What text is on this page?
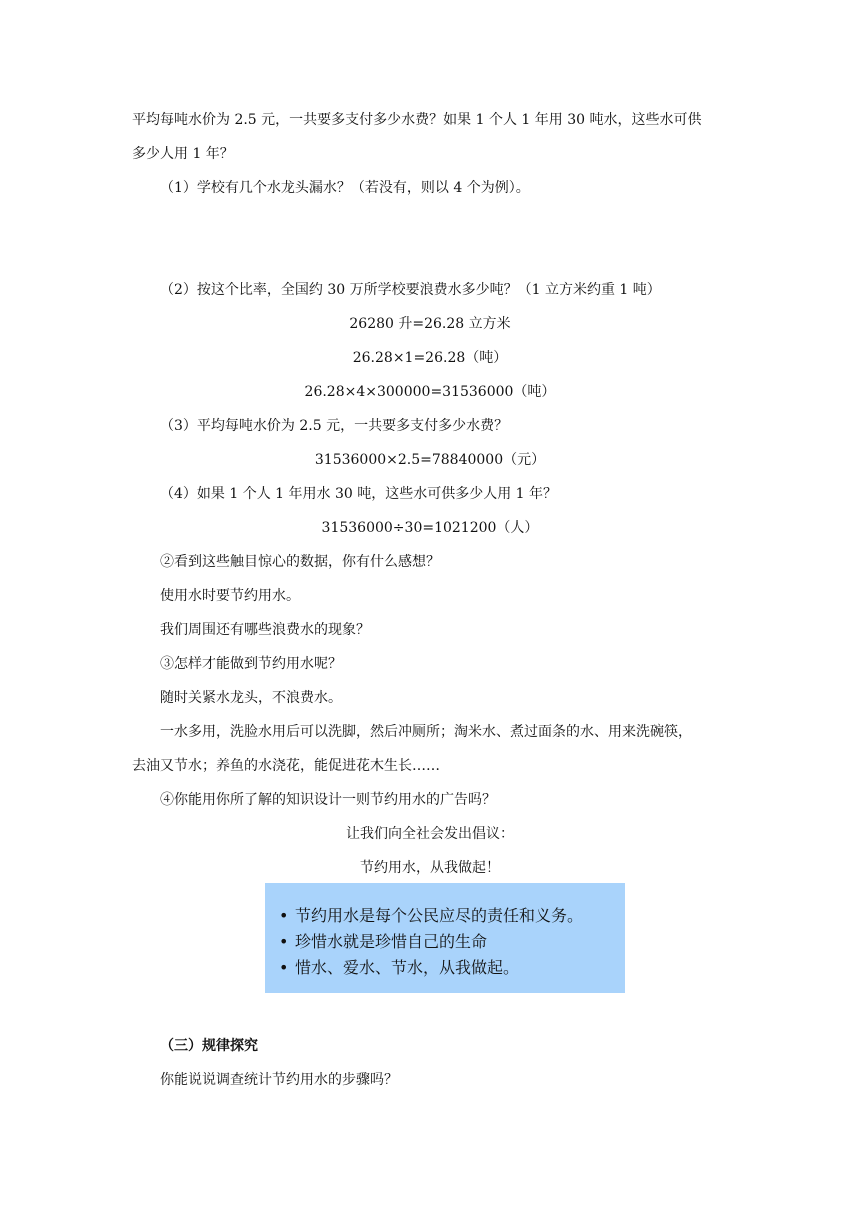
平均每吨水价为 2.5 元，一共要多支付多少水费？如果 1 个人 1 年用 30 吨水，这些水可供
多少人用 1 年？
（1）学校有几个水龙头漏水？（若没有，则以 4 个为例）。
（2）按这个比率，全国约 30 万所学校要浪费水多少吨？（1 立方米约重 1 吨）
26280 升=26.28 立方米
26.28×1=26.28（吨）
26.28×4×300000=31536000（吨）
（3）平均每吨水价为 2.5 元，一共要多支付多少水费？
31536000×2.5=78840000（元）
（4）如果 1 个人 1 年用水 30 吨，这些水可供多少人用 1 年？
31536000÷30=1021200（人）
②看到这些触目惊心的数据，你有什么感想？
使用水时要节约用水。
我们周围还有哪些浪费水的现象？
③怎样才能做到节约用水呢？
随时关紧水龙头，不浪费水。
一水多用，洗脸水用后可以洗脚，然后冲厕所；淘米水、煮过面条的水、用来洗碗筷，
去油又节水；养鱼的水浇花，能促进花木生长……
④你能用你所了解的知识设计一则节约用水的广告吗？
让我们向全社会发出倡议：
节约用水，从我做起！
• 节约用水是每个公民应尽的责任和义务。
• 珍惜水就是珍惜自己的生命
• 惜水、爱水、节水，从我做起。
（三）规律探究
你能说说调查统计节约用水的步骤吗？
